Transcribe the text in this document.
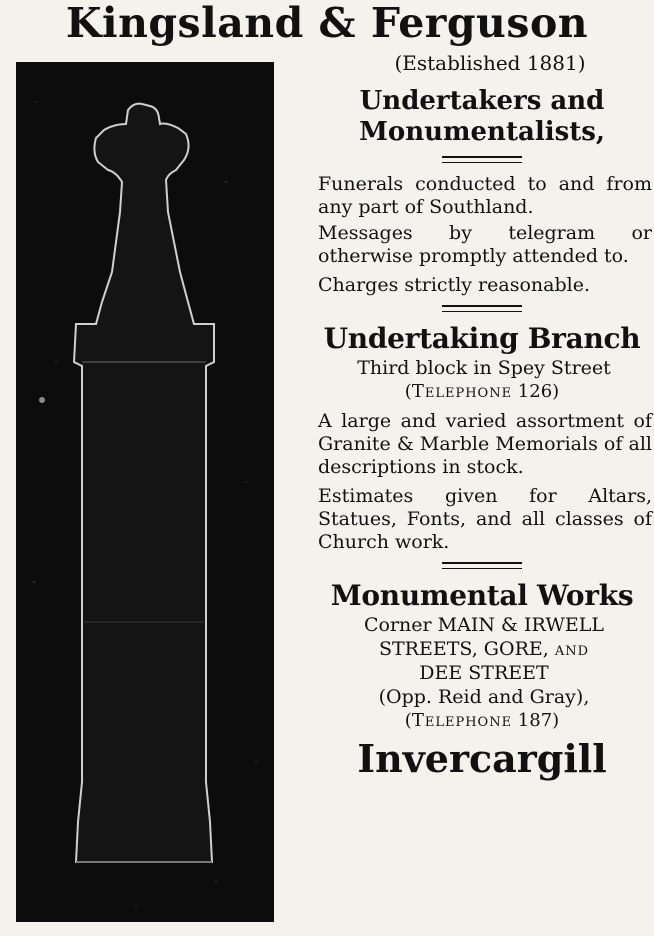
Kingsland & Ferguson
(Established 1881)
Undertakers and
Monumentalists,
Funerals conducted to and from any part of Southland.
Messages by telegram or otherwise promptly attended to.
Charges strictly reasonable.
Undertaking Branch
Third block in Spey Street
(Telephone 126)
A large and varied assortment of Granite & Marble Memorials of all descriptions in stock.
Estimates given for Altars, Statues, Fonts, and all classes of Church work.
Monumental Works
Corner MAIN & IRWELL
STREETS, GORE, and
DEE STREET
(Opp. Reid and Gray),
(Telephone 187)
Invercargill
